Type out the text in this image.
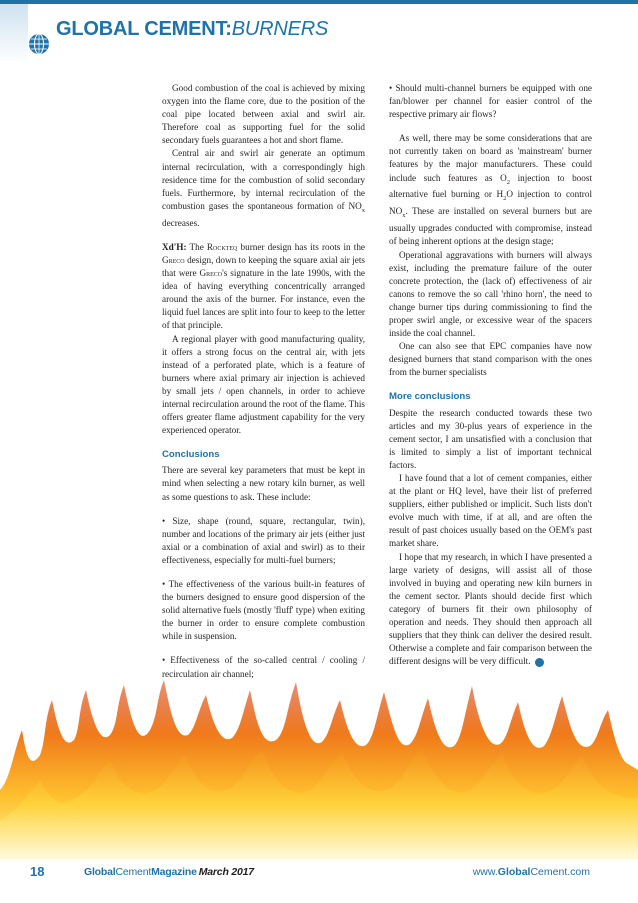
GLOBAL CEMENT:BURNERS

Good combustion of the coal is achieved by mixing oxygen into the flame core, due to the position of the coal pipe located between axial and swirl air. Therefore coal as supporting fuel for the solid secondary fuels guarantees a hot and short flame.

Central air and swirl air generate an optimum internal recirculation, with a correspondingly high residence time for the combustion of solid secondary fuels. Furthermore, by internal recirculation of the combustion gases the spontaneous formation of $NO_x$ decreases.

Xd'H: The Rockteq burner design has its roots in the Greco design, down to keeping the square axial air jets that were Greco's signature in the late 1990s, with the idea of having everything concentrically arranged around the axis of the burner. For instance, even the liquid fuel lances are split into four to keep to the letter of that principle.

A regional player with good manufacturing quality, it offers a strong focus on the central air, with jets instead of a perforated plate, which is a feature of burners where axial primary air injection is achieved by small jets / open channels, in order to achieve internal recirculation around the root of the flame. This offers greater flame adjustment capability for the very experienced operator.

Conclusions

There are several key parameters that must be kept in mind when selecting a new rotary kiln burner, as well as some questions to ask. These include:

• Size, shape (round, square, rectangular, twin), number and locations of the primary air jets (either just axial or a combination of axial and swirl) as to their effectiveness, especially for multi-fuel burners;

• The effectiveness of the various built-in features of the burners designed to ensure good dispersion of the solid alternative fuels (mostly 'fluff' type) when exiting the burner in order to ensure complete combustion while in suspension.

• Effectiveness of the so-called central / cooling / recirculation air channel;

• Should multi-channel burners be equipped with one fan/blower per channel for easier control of the respective primary air flows?

As well, there may be some considerations that are not currently taken on board as 'mainstream' burner features by the major manufacturers. These could include such features as $O_2$ injection to boost alternative fuel burning or $H_2O$ injection to control $NO_x$. These are installed on several burners but are usually upgrades conducted with compromise, instead of being inherent options at the design stage;

Operational aggravations with burners will always exist, including the premature failure of the outer concrete protection, the (lack of) effectiveness of air canons to remove the so call 'rhino horn', the need to change burner tips during commissioning to find the proper swirl angle, or excessive wear of the spacers inside the coal channel.

One can also see that EPC companies have now designed burners that stand comparison with the ones from the burner specialists

More conclusions

Despite the research conducted towards these two articles and my 30-plus years of experience in the cement sector, I am unsatisfied with a conclusion that is limited to simply a list of important technical factors.

I have found that a lot of cement companies, either at the plant or HQ level, have their list of preferred suppliers, either published or implicit. Such lists don't evolve much with time, if at all, and are often the result of past choices usually based on the OEM's past market share.

I hope that my research, in which I have presented a large variety of designs, will assist all of those involved in buying and operating new kiln burners in the cement sector. Plants should decide first which category of burners fit their own philosophy of operation and needs. They should then approach all suppliers that they think can deliver the desired result. Otherwise a complete and fair comparison between the different designs will be very difficult. GC

18	GlobalCementMagazine March 2017	www.GlobalCement.com
